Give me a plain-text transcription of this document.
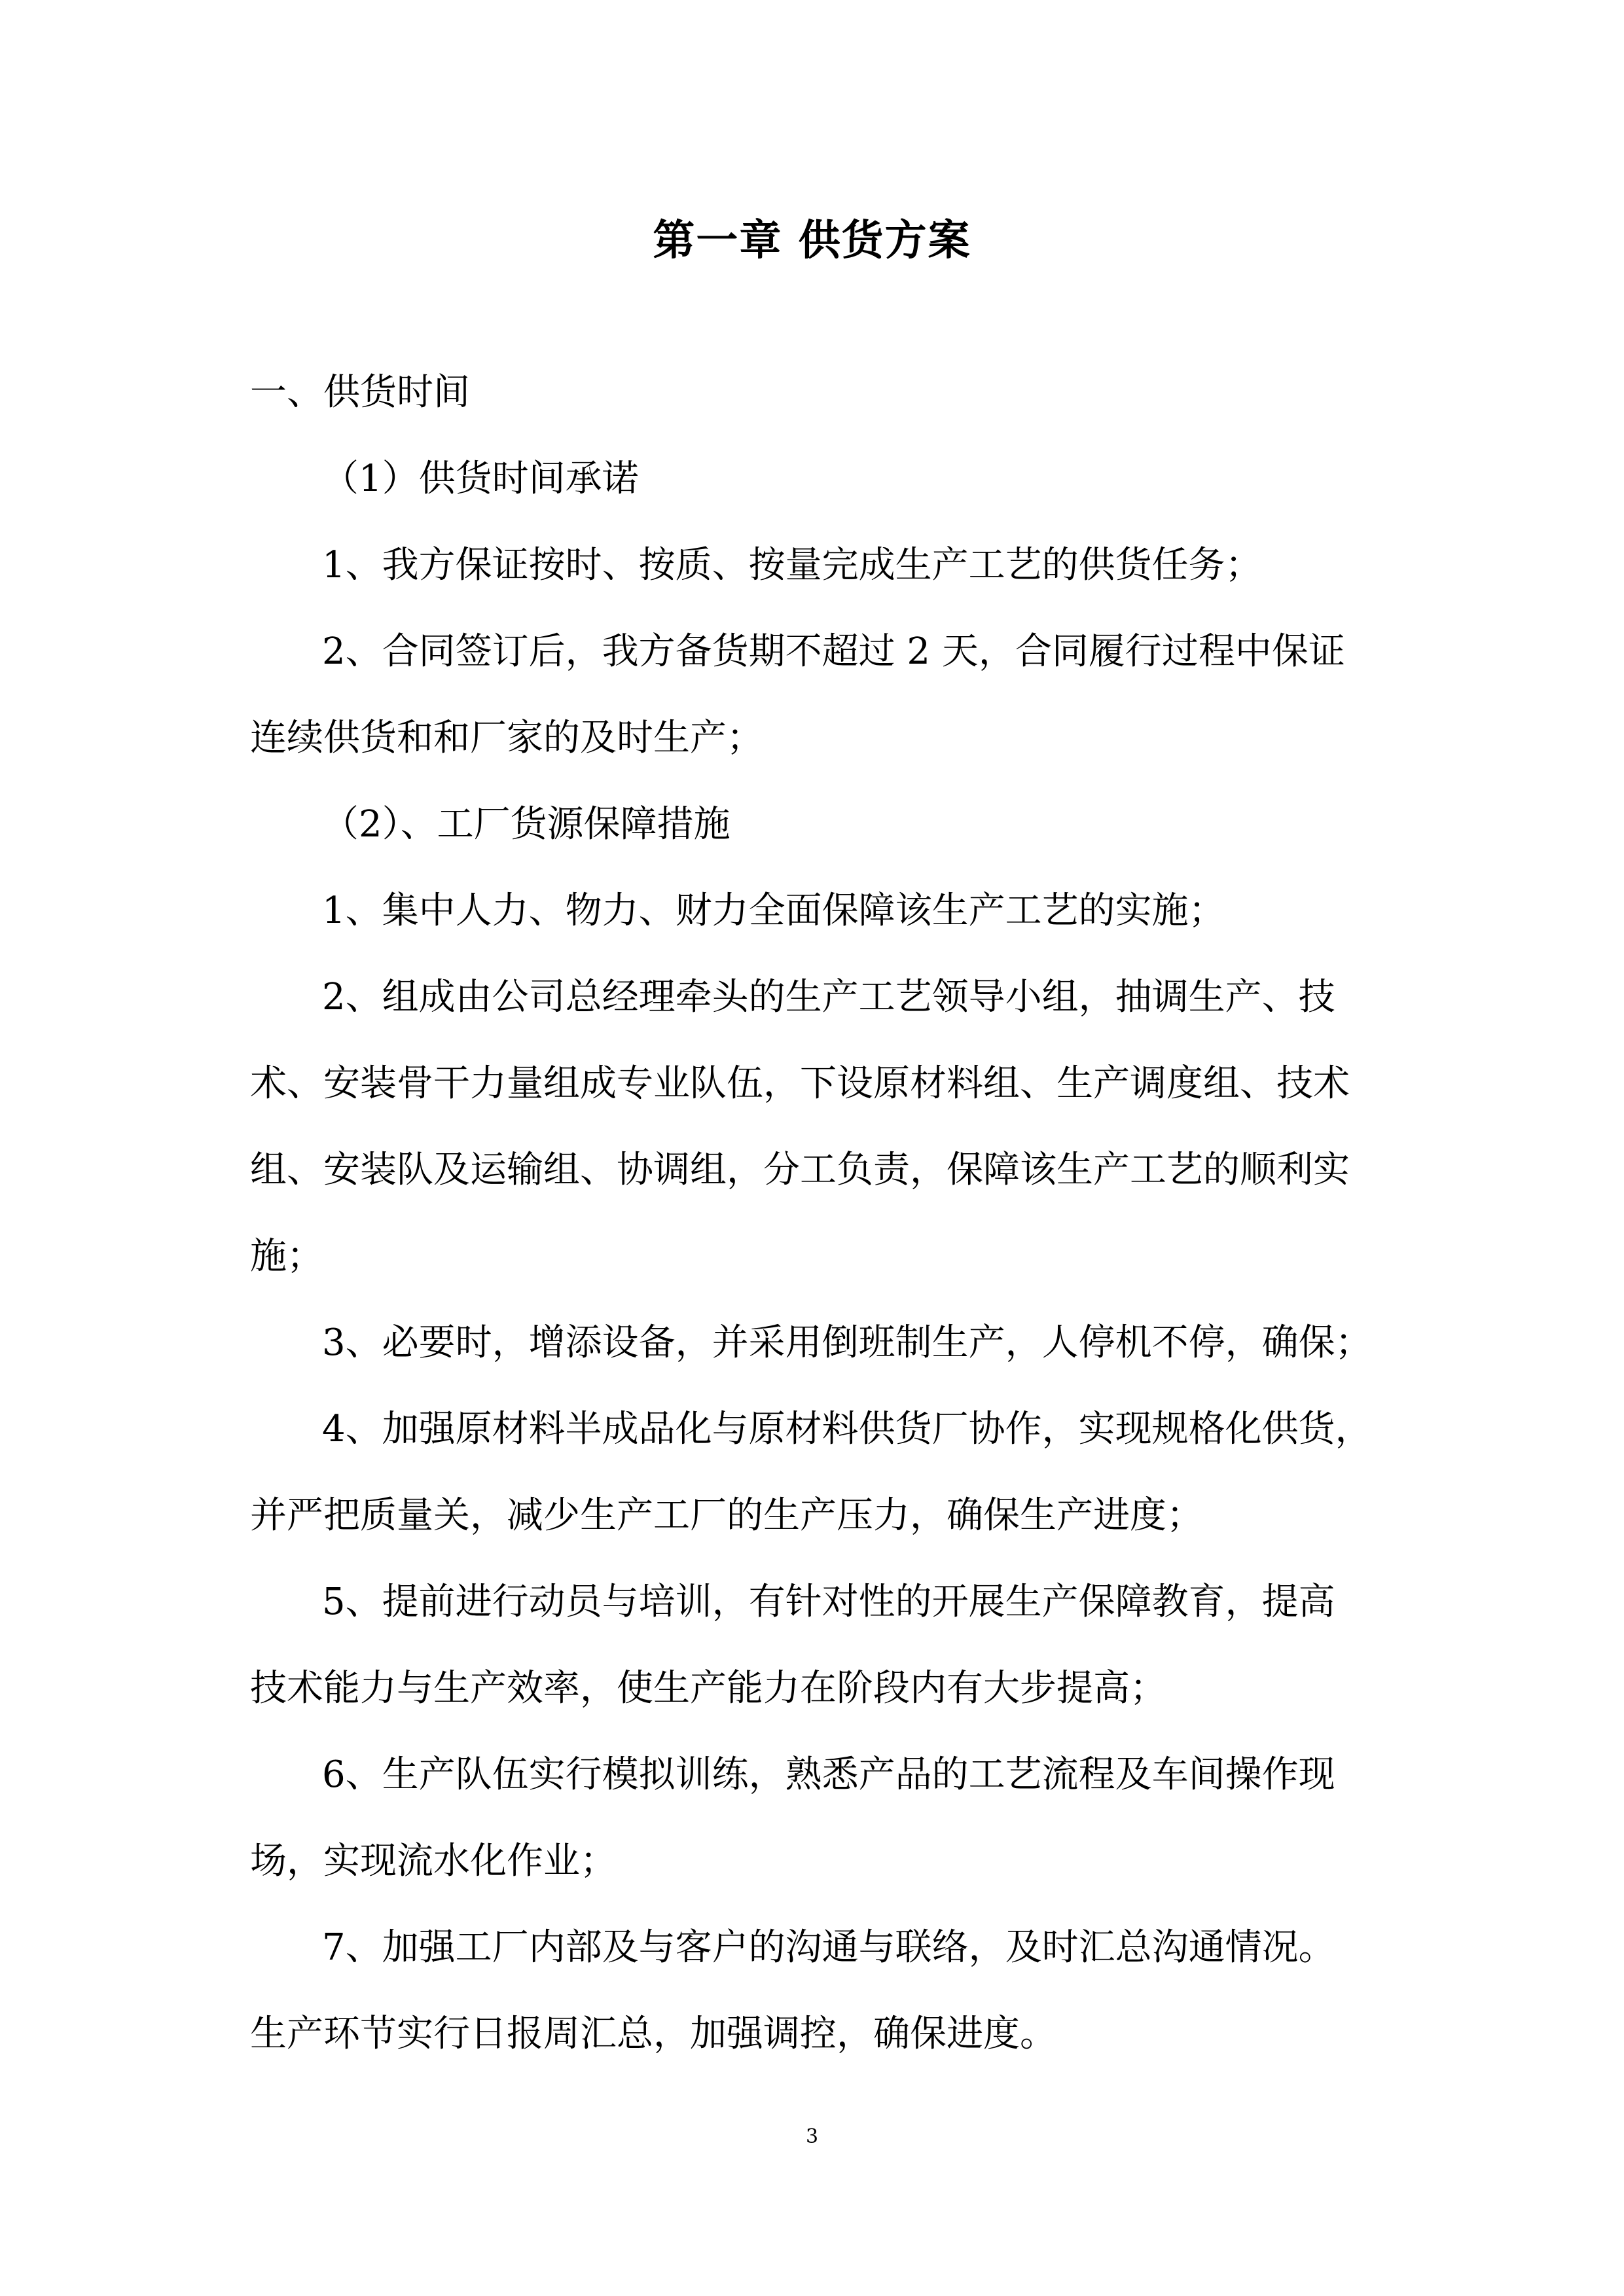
第一章 供货方案
一、供货时间
（1）供货时间承诺
1、我方保证按时、按质、按量完成生产工艺的供货任务；
2、合同签订后，我方备货期不超过 2 天，合同履行过程中保证
连续供货和和厂家的及时生产；
（2）、工厂货源保障措施
1、集中人力、物力、财力全面保障该生产工艺的实施；
2、组成由公司总经理牵头的生产工艺领导小组，抽调生产、技
术、安装骨干力量组成专业队伍，下设原材料组、生产调度组、技术
组、安装队及运输组、协调组，分工负责，保障该生产工艺的顺利实
施；
3、必要时，增添设备，并采用倒班制生产，人停机不停，确保；
4、加强原材料半成品化与原材料供货厂协作，实现规格化供货，
并严把质量关，减少生产工厂的生产压力，确保生产进度；
5、提前进行动员与培训，有针对性的开展生产保障教育，提高
技术能力与生产效率，使生产能力在阶段内有大步提高；
6、生产队伍实行模拟训练，熟悉产品的工艺流程及车间操作现
场，实现流水化作业；
7、加强工厂内部及与客户的沟通与联络，及时汇总沟通情况。
生产环节实行日报周汇总，加强调控，确保进度。
3
